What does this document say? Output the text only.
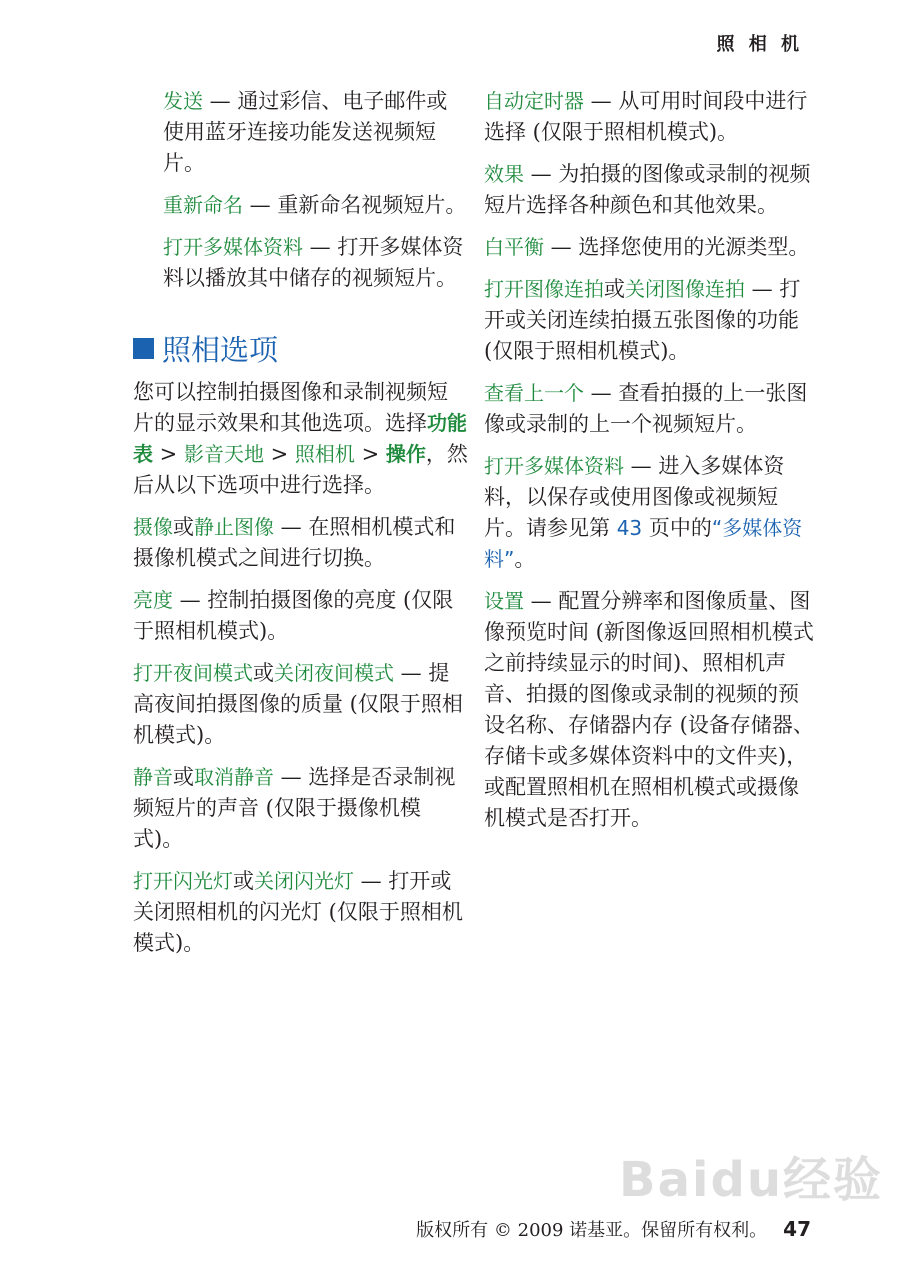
照 相 机

发送 — 通过彩信、电子邮件或使用蓝牙连接功能发送视频短片。

重新命名 — 重新命名视频短片。

打开多媒体资料 — 打开多媒体资料以播放其中储存的视频短片。

照相选项

您可以控制拍摄图像和录制视频短片的显示效果和其他选项。选择功能表 > 影音天地 > 照相机 > 操作，然后从以下选项中进行选择。

摄像或静止图像 — 在照相机模式和摄像机模式之间进行切换。

亮度 — 控制拍摄图像的亮度 (仅限于照相机模式)。

打开夜间模式或关闭夜间模式 — 提高夜间拍摄图像的质量 (仅限于照相机模式)。

静音或取消静音 — 选择是否录制视频短片的声音 (仅限于摄像机模式)。

打开闪光灯或关闭闪光灯 — 打开或关闭照相机的闪光灯 (仅限于照相机模式)。

自动定时器 — 从可用时间段中进行选择 (仅限于照相机模式)。

效果 — 为拍摄的图像或录制的视频短片选择各种颜色和其他效果。

白平衡 — 选择您使用的光源类型。

打开图像连拍或关闭图像连拍 — 打开或关闭连续拍摄五张图像的功能 (仅限于照相机模式)。

查看上一个 — 查看拍摄的上一张图像或录制的上一个视频短片。

打开多媒体资料 — 进入多媒体资料，以保存或使用图像或视频短片。请参见第 43 页中的“多媒体资料”。

设置 — 配置分辨率和图像质量、图像预览时间 (新图像返回照相机模式之前持续显示的时间)、照相机声音、拍摄的图像或录制的视频的预设名称、存储器内存 (设备存储器、存储卡或多媒体资料中的文件夹)，或配置照相机在照相机模式或摄像机模式是否打开。

Baidu经验
版权所有 © 2009 诺基亚。保留所有权利。 47
